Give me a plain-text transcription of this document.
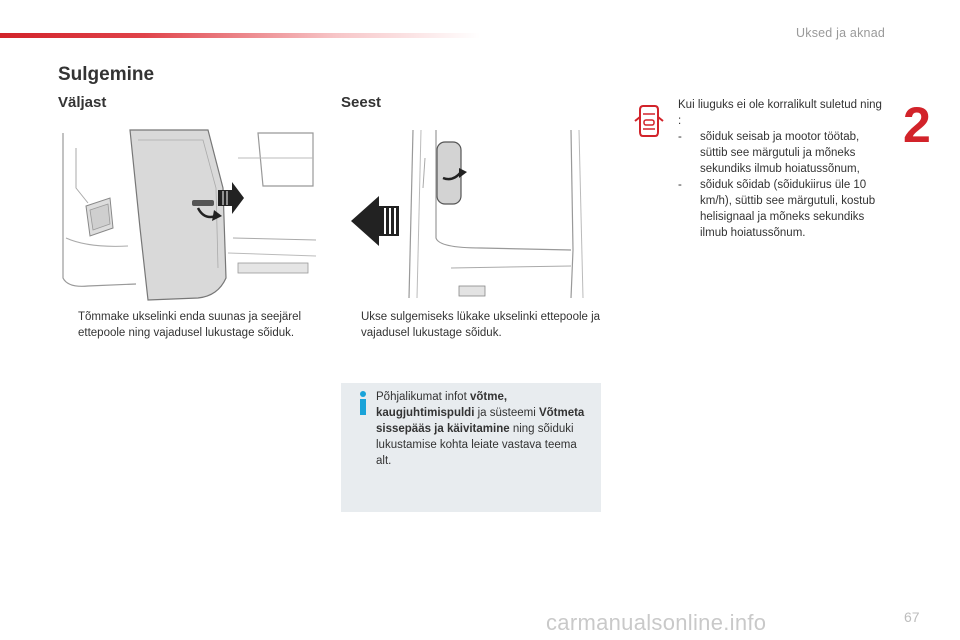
Uksed ja aknad
2
Sulgemine
Väljast	Seest
Tõmmake ukselinki enda suunas ja seejärel ettepoole ning vajadusel lukustage sõiduk.
Ukse sulgemiseks lükake ukselinki ettepoole ja vajadusel lukustage sõiduk.
Põhjalikumat infot võtme, kaugjuhtimispuldi ja süsteemi Võtmeta sissepääs ja käivitamine ning sõiduki lukustamise kohta leiate vastava teema alt.
Kui liuguks ei ole korralikult suletud ning :
- sõiduk seisab ja mootor töötab, süttib see märgutuli ja mõneks sekundiks ilmub hoiatussõnum,
- sõiduk sõidab (sõidukiirus üle 10 km/h), süttib see märgutuli, kostub helisignaal ja mõneks sekundiks ilmub hoiatussõnum.
carmanualsonline.info	67
